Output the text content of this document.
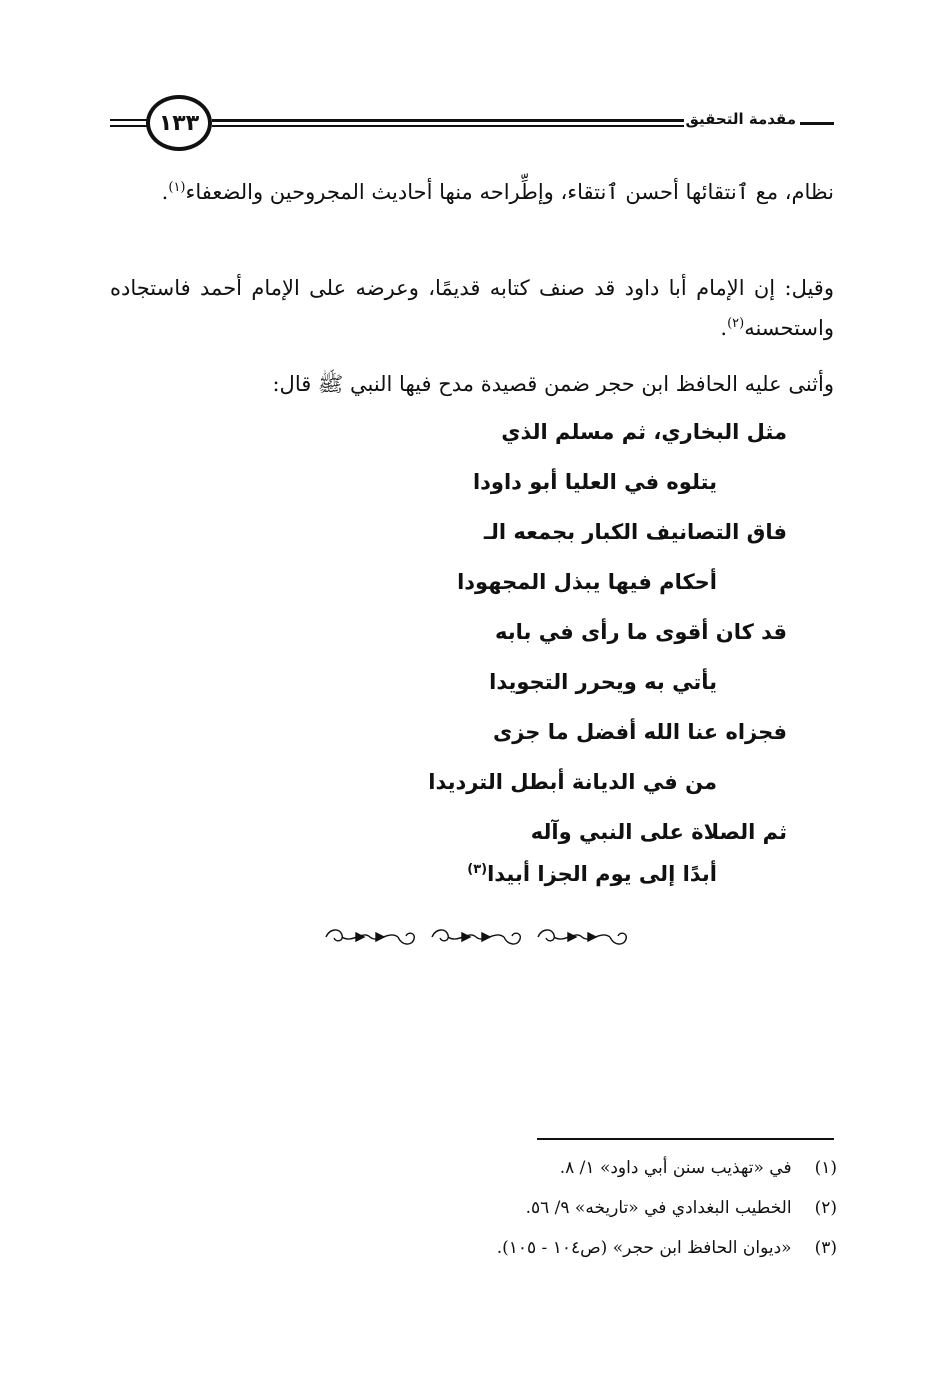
١٣٣	مقدمة التحقيق
نظام، مع ٱنتقائها أحسن ٱنتقاء، وإطِّراحه منها أحاديث المجروحين والضعفاء$^{(١)}$.
وقيل: إن الإمام أبا داود قد صنف كتابه قديمًا، وعرضه على الإمام أحمد فاستجاده واستحسنه$^{(٢)}$.
وأثنى عليه الحافظ ابن حجر ضمن قصيدة مدح فيها النبي ﷺ قال:
مثل البخاري، ثم مسلم الذي
يتلوه في العليا أبو داودا
فاق التصانيف الكبار بجمعه الـ
أحكام فيها يبذل المجهودا
قد كان أقوى ما رأى في بابه
يأتي به ويحرر التجويدا
فجزاه عنا الله أفضل ما جزى
من في الديانة أبطل الترديدا
ثم الصلاة على النبي وآله
أبدًا إلى يوم الجزا أبيدا$^{(٣)}$
(١) في «تهذيب سنن أبي داود» ١/ ٨.
(٢) الخطيب البغدادي في «تاريخه» ٩/ ٥٦.
(٣) «ديوان الحافظ ابن حجر» (ص١٠٤ - ١٠٥).
